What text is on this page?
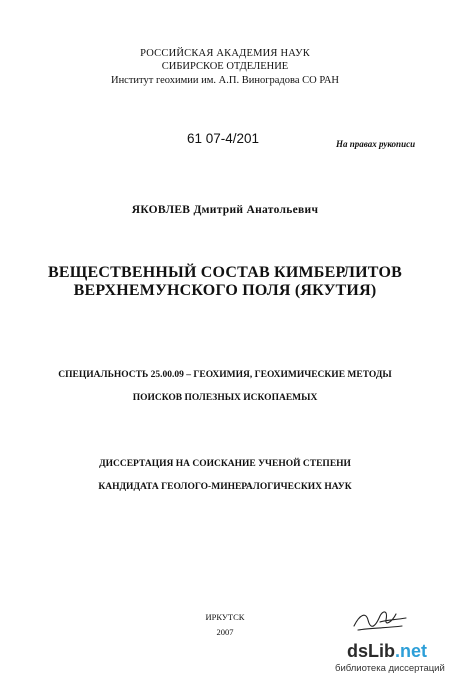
РОССИЙСКАЯ АКАДЕМИЯ НАУК
СИБИРСКОЕ ОТДЕЛЕНИЕ
Институт геохимии им. А.П. Виноградова СО РАН
61 07-4/201	На правах рукописи
ЯКОВЛЕВ Дмитрий Анатольевич
ВЕЩЕСТВЕННЫЙ СОСТАВ КИМБЕРЛИТОВ
ВЕРХНЕМУНСКОГО ПОЛЯ (ЯКУТИЯ)
СПЕЦИАЛЬНОСТЬ 25.00.09 – ГЕОХИМИЯ, ГЕОХИМИЧЕСКИЕ МЕТОДЫ
ПОИСКОВ ПОЛЕЗНЫХ ИСКОПАЕМЫХ
ДИССЕРТАЦИЯ НА СОИСКАНИЕ УЧЕНОЙ СТЕПЕНИ
КАНДИДАТА ГЕОЛОГО-МИНЕРАЛОГИЧЕСКИХ НАУК
ИРКУТСК
2007
dsLib.net
библиотека диссертаций
